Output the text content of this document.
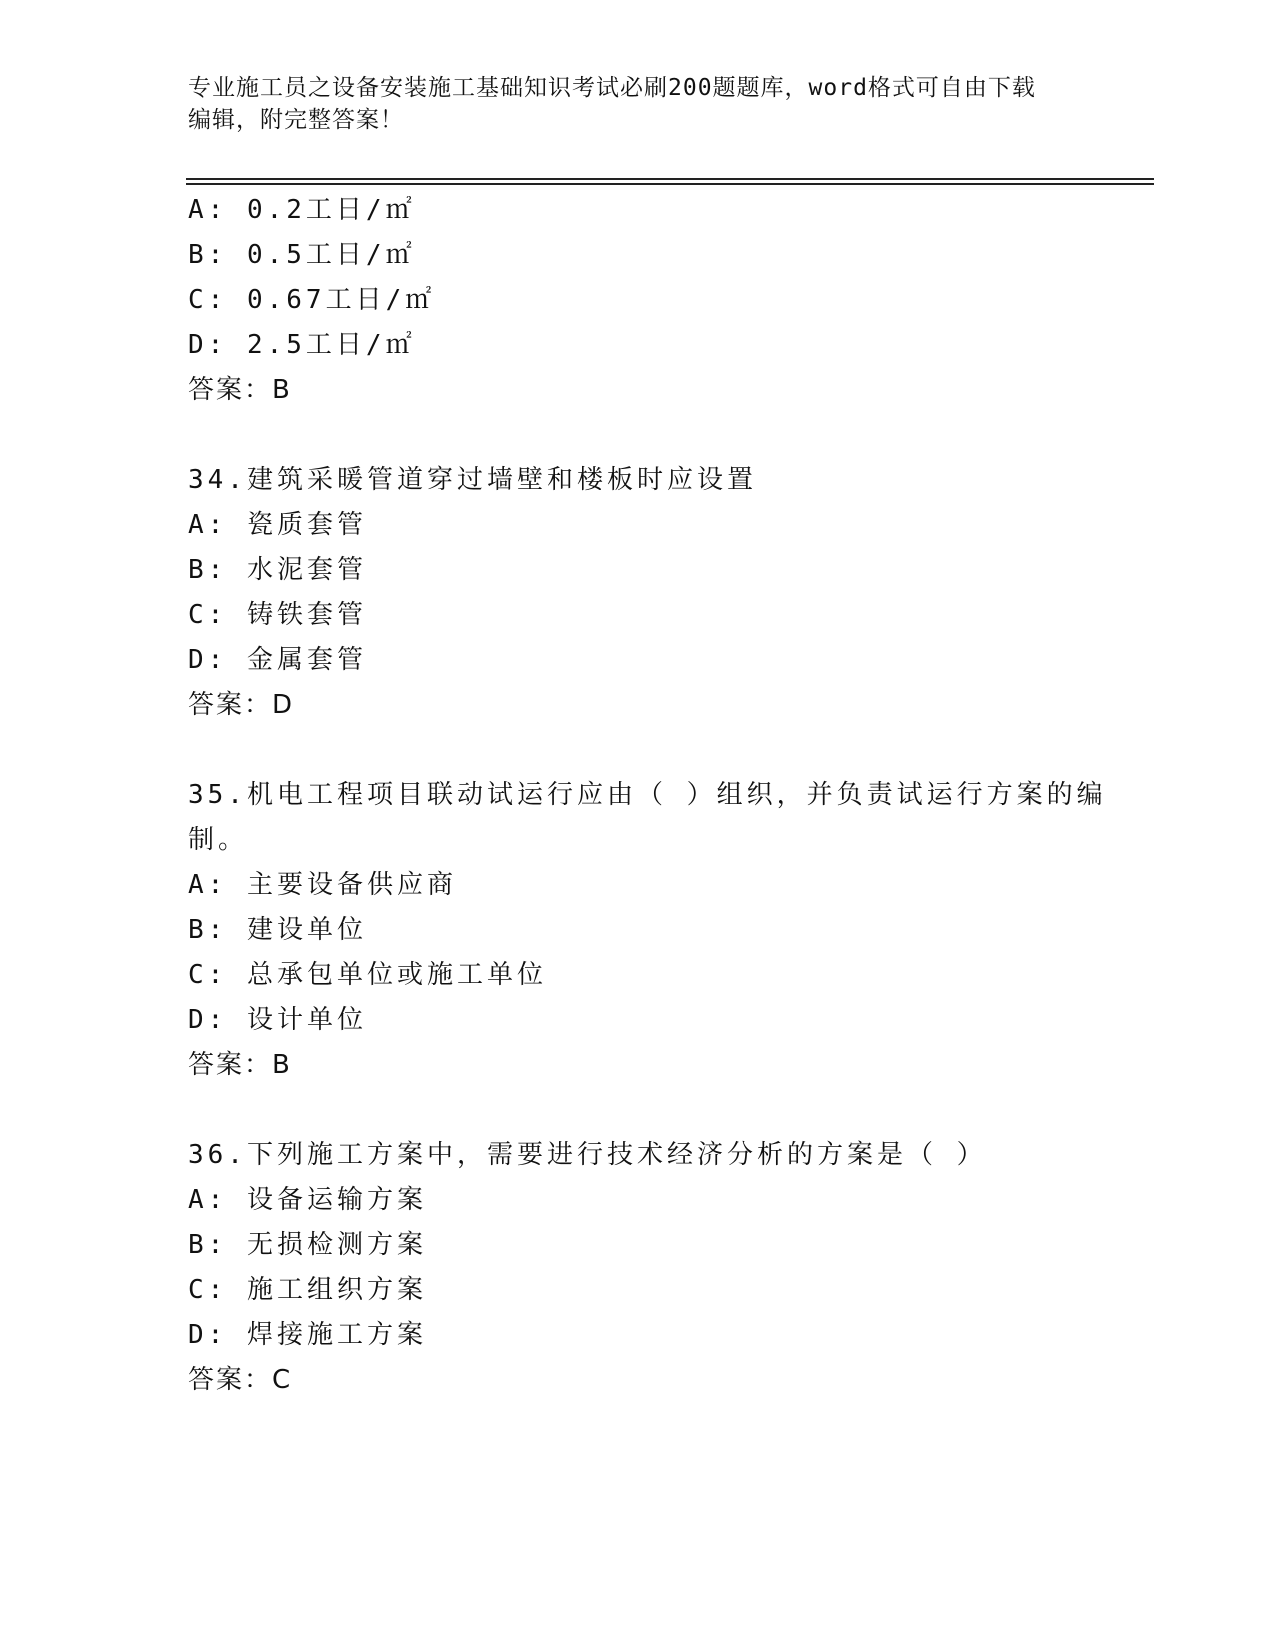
专业施工员之设备安装施工基础知识考试必刷200题题库，word格式可自由下载
编辑，附完整答案！
A: 0.2工日/㎡
B: 0.5工日/㎡
C: 0.67工日/㎡
D: 2.5工日/㎡
答案：B
34.建筑采暖管道穿过墙壁和楼板时应设置
A: 瓷质套管
B: 水泥套管
C: 铸铁套管
D: 金属套管
答案：D
35.机电工程项目联动试运行应由（ ）组织，并负责试运行方案的编
制。
A: 主要设备供应商
B: 建设单位
C: 总承包单位或施工单位
D: 设计单位
答案：B
36.下列施工方案中，需要进行技术经济分析的方案是（ ）
A: 设备运输方案
B: 无损检测方案
C: 施工组织方案
D: 焊接施工方案
答案：C
